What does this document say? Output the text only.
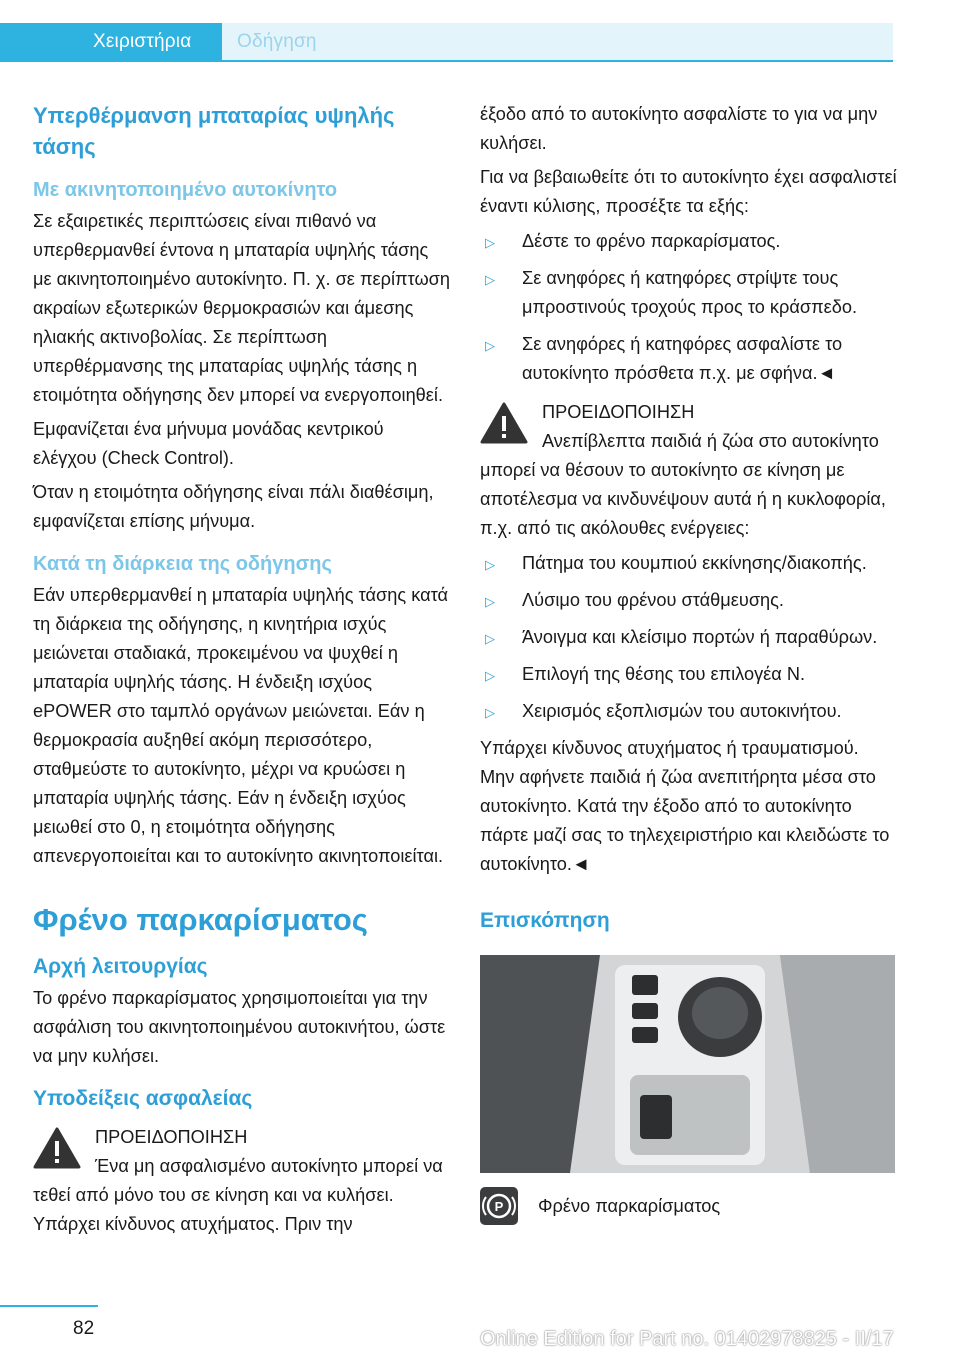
Χειριστήρια	Οδήγηση
Υπερθέρμανση μπαταρίας υψηλής τάσης
Με ακινητοποιημένο αυτοκίνητο

Σε εξαιρετικές περιπτώσεις είναι πιθανό να υπερθερμανθεί έντονα η μπαταρία υψηλής τάσης με ακινητοποιημένο αυτοκίνητο. Π. χ. σε περίπτωση ακραίων εξωτερικών θερμοκρασιών και άμεσης ηλιακής ακτινοβολίας. Σε περίπτωση υπερθέρμανσης της μπαταρίας υψηλής τάσης η ετοιμότητα οδήγησης δεν μπορεί να ενεργοποιηθεί.

Εμφανίζεται ένα μήνυμα μονάδας κεντρικού ελέγχου (Check Control).

Όταν η ετοιμότητα οδήγησης είναι πάλι διαθέσιμη, εμφανίζεται επίσης μήνυμα.

Κατά τη διάρκεια της οδήγησης

Εάν υπερθερμανθεί η μπαταρία υψηλής τάσης κατά τη διάρκεια της οδήγησης, η κινητήρια ισχύς μειώνεται σταδιακά, προκειμένου να ψυχθεί η μπαταρία υψηλής τάσης. Η ένδειξη ισχύος ePOWER στο ταμπλό οργάνων μειώνεται. Εάν η θερμοκρασία αυξηθεί ακόμη περισσότερο, σταθμεύστε το αυτοκίνητο, μέχρι να κρυώσει η μπαταρία υψηλής τάσης. Εάν η ένδειξη ισχύος μειωθεί στο 0, η ετοιμότητα οδήγησης απενεργοποιείται και το αυτοκίνητο ακινητοποιείται.

Φρένο παρκαρίσματος
Αρχή λειτουργίας

Το φρένο παρκαρίσματος χρησιμοποιείται για την ασφάλιση του ακινητοποιημένου αυτοκινήτου, ώστε να μην κυλήσει.

Υποδείξεις ασφαλείας
ΠΡΟΕΙΔΟΠΟΙΗΣΗ
Ένα μη ασφαλισμένο αυτοκίνητο μπορεί να τεθεί από μόνο του σε κίνηση και να κυλήσει. Υπάρχει κίνδυνος ατυχήματος. Πριν την

έξοδο από το αυτοκίνητο ασφαλίστε το για να μην κυλήσει.

Για να βεβαιωθείτε ότι το αυτοκίνητο έχει ασφαλιστεί έναντι κύλισης, προσέξτε τα εξής:

▷ Δέστε το φρένο παρκαρίσματος.
▷ Σε ανηφόρες ή κατηφόρες στρίψτε τους μπροστινούς τροχούς προς το κράσπεδο.
▷ Σε ανηφόρες ή κατηφόρες ασφαλίστε το αυτοκίνητο πρόσθετα π.χ. με σφήνα.◄
ΠΡΟΕΙΔΟΠΟΙΗΣΗ
Ανεπίβλεπτα παιδιά ή ζώα στο αυτοκίνητο μπορεί να θέσουν το αυτοκίνητο σε κίνηση με αποτέλεσμα να κινδυνέψουν αυτά ή η κυκλοφορία, π.χ. από τις ακόλουθες ενέργειες:
▷ Πάτημα του κουμπιού εκκίνησης/διακοπής.
▷ Λύσιμο του φρένου στάθμευσης.
▷ Άνοιγμα και κλείσιμο πορτών ή παραθύρων.
▷ Επιλογή της θέσης του επιλογέα N.
▷ Χειρισμός εξοπλισμών του αυτοκινήτου.

Υπάρχει κίνδυνος ατυχήματος ή τραυματισμού. Μην αφήνετε παιδιά ή ζώα ανεπιτήρητα μέσα στο αυτοκίνητο. Κατά την έξοδο από το αυτοκίνητο πάρτε μαζί σας το τηλεχειριστήριο και κλειδώστε το αυτοκίνητο.◄

Επισκόπηση
P Φρένο παρκαρίσματος
82	Online Edition for Part no. 01402978825 - II/17
